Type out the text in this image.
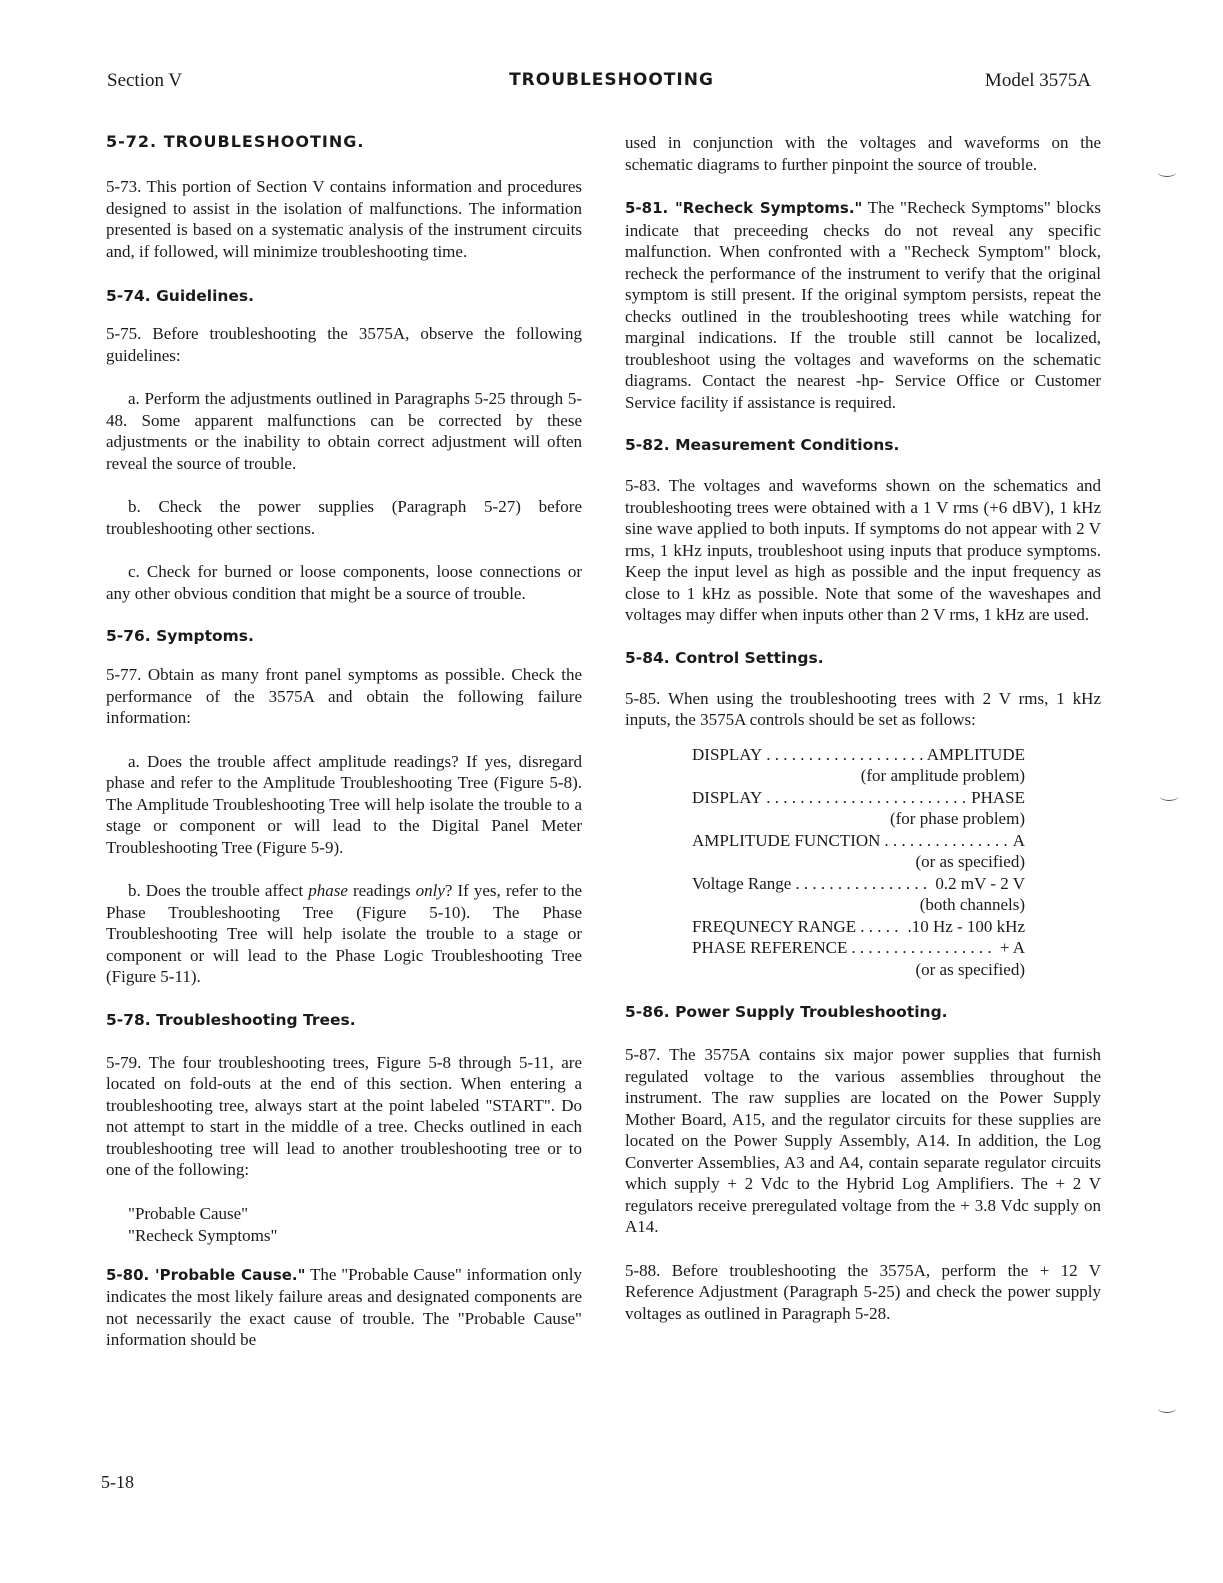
Section V	TROUBLESHOOTING	Model 3575A
5-72. TROUBLESHOOTING.

5-73. This portion of Section V contains information and procedures designed to assist in the isolation of malfunctions. The information presented is based on a systematic analysis of the instrument circuits and, if followed, will minimize troubleshooting time.

5-74. Guidelines.

5-75. Before troubleshooting the 3575A, observe the following guidelines:

a. Perform the adjustments outlined in Paragraphs 5-25 through 5-48. Some apparent malfunctions can be corrected by these adjustments or the inability to obtain correct adjustment will often reveal the source of trouble.

b. Check the power supplies (Paragraph 5-27) before troubleshooting other sections.

c. Check for burned or loose components, loose connections or any other obvious condition that might be a source of trouble.

5-76. Symptoms.

5-77. Obtain as many front panel symptoms as possible. Check the performance of the 3575A and obtain the following failure information:

a. Does the trouble affect amplitude readings? If yes, disregard phase and refer to the Amplitude Troubleshooting Tree (Figure 5-8). The Amplitude Troubleshooting Tree will help isolate the trouble to a stage or component or will lead to the Digital Panel Meter Troubleshooting Tree (Figure 5-9).

b. Does the trouble affect phase readings only? If yes, refer to the Phase Troubleshooting Tree (Figure 5-10). The Phase Troubleshooting Tree will help isolate the trouble to a stage or component or will lead to the Phase Logic Troubleshooting Tree (Figure 5-11).

5-78. Troubleshooting Trees.

5-79. The four troubleshooting trees, Figure 5-8 through 5-11, are located on fold-outs at the end of this section. When entering a troubleshooting tree, always start at the point labeled "START". Do not attempt to start in the middle of a tree. Checks outlined in each troubleshooting tree will lead to another troubleshooting tree or to one of the following:

"Probable Cause"
"Recheck Symptoms"

5-80. 'Probable Cause." The "Probable Cause" information only indicates the most likely failure areas and designated components are not necessarily the exact cause of trouble. The "Probable Cause" information should be

used in conjunction with the voltages and waveforms on the schematic diagrams to further pinpoint the source of trouble.

5-81. "Recheck Symptoms." The "Recheck Symptoms" blocks indicate that preceeding checks do not reveal any specific malfunction. When confronted with a "Recheck Symptom" block, recheck the performance of the instrument to verify that the original symptom is still present. If the original symptom persists, repeat the checks outlined in the troubleshooting trees while watching for marginal indications. If the trouble still cannot be localized, troubleshoot using the voltages and waveforms on the schematic diagrams. Contact the nearest -hp- Service Office or Customer Service facility if assistance is required.

5-82. Measurement Conditions.

5-83. The voltages and waveforms shown on the schematics and troubleshooting trees were obtained with a 1 V rms (+6 dBV), 1 kHz sine wave applied to both inputs. If symptoms do not appear with 2 V rms, 1 kHz inputs, troubleshoot using inputs that produce symptoms. Keep the input level as high as possible and the input frequency as close to 1 kHz as possible. Note that some of the waveshapes and voltages may differ when inputs other than 2 V rms, 1 kHz are used.

5-84. Control Settings.

5-85. When using the troubleshooting trees with 2 V rms, 1 kHz inputs, the 3575A controls should be set as follows:

DISPLAY . . .	AMPLITUDE
(for amplitude problem)
DISPLAY . . .	PHASE
(for phase problem)
AMPLITUDE FUNCTION . . .	A
(or as specified)
Voltage Range . . .	0.2 mV - 2 V
(both channels)
FREQUNECY RANGE . . .	.10 Hz - 100 kHz
PHASE REFERENCE . . .	+ A
(or as specified)
5-86. Power Supply Troubleshooting.

5-87. The 3575A contains six major power supplies that furnish regulated voltage to the various assemblies throughout the instrument. The raw supplies are located on the Power Supply Mother Board, A15, and the regulator circuits for these supplies are located on the Power Supply Assembly, A14. In addition, the Log Converter Assemblies, A3 and A4, contain separate regulator circuits which supply + 2 Vdc to the Hybrid Log Amplifiers. The + 2 V regulators receive preregulated voltage from the + 3.8 Vdc supply on A14.

5-88. Before troubleshooting the 3575A, perform the + 12 V Reference Adjustment (Paragraph 5-25) and check the power supply voltages as outlined in Paragraph 5-28.

5-18
